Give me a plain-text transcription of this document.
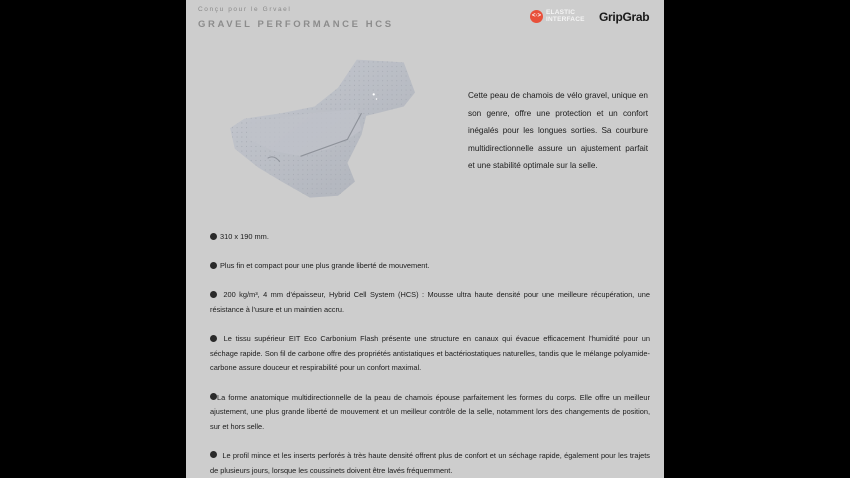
Conçu pour le Grvael
GRAVEL PERFORMANCE HCS
<·> ELASTIC
INTERFACE GripGrab
Cette peau de chamois de vélo gravel, unique en son genre, offre une protection et un confort inégalés pour les longues sorties. Sa courbure multidirectionnelle assure un ajustement parfait et une stabilité optimale sur la selle.
310 x 190 mm.
Plus fin et compact pour une plus grande liberté de mouvement.
200 kg/m³, 4 mm d'épaisseur, Hybrid Cell System (HCS) : Mousse ultra haute densité pour une meilleure récupération, une résistance à l'usure et un maintien accru.
Le tissu supérieur EIT Eco Carbonium Flash présente une structure en canaux qui évacue efficacement l'humidité pour un séchage rapide. Son fil de carbone offre des propriétés antistatiques et bactériostatiques naturelles, tandis que le mélange polyamide-carbone assure douceur et respirabilité pour un confort maximal.
La forme anatomique multidirectionnelle de la peau de chamois épouse parfaitement les formes du corps. Elle offre un meilleur ajustement, une plus grande liberté de mouvement et un meilleur contrôle de la selle, notamment lors des changements de position, sur et hors selle.
Le profil mince et les inserts perforés à très haute densité offrent plus de confort et un séchage rapide, également pour les trajets de plusieurs jours, lorsque les coussinets doivent être lavés fréquemment.
